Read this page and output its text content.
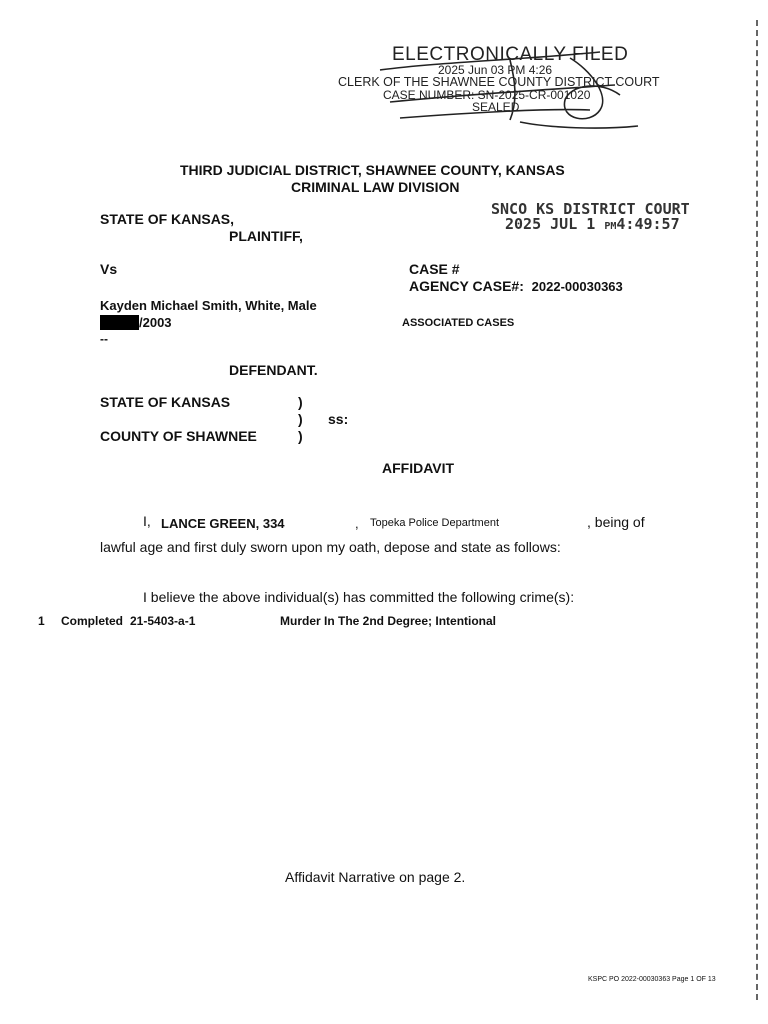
ELECTRONICALLY FILED
2025 Jun 03 PM 4:26
CLERK OF THE SHAWNEE COUNTY DISTRICT COURT
CASE NUMBER: SN-2025-CR-001020
SEALED
THIRD JUDICIAL DISTRICT, SHAWNEE COUNTY, KANSAS
CRIMINAL LAW DIVISION
SNCO KS DISTRICT COURT
2025 JUL 1 PM4:49:57
STATE OF KANSAS,
PLAINTIFF,
Vs	CASE #
AGENCY CASE#: 2022-00030363
Kayden Michael Smith, White, Male
/2003
--
ASSOCIATED CASES
DEFENDANT.
STATE OF KANSAS	)
) ss:
COUNTY OF SHAWNEE	)
AFFIDAVIT
I, LANCE GREEN, 334	, Topeka Police Department	, being of
lawful age and first duly sworn upon my oath, depose and state as follows:
I believe the above individual(s) has committed the following crime(s):
1 Completed 21-5403-a-1	Murder In The 2nd Degree; Intentional
Affidavit Narrative on page 2.
KSPC PO 2022-00030363 Page 1 OF 13
